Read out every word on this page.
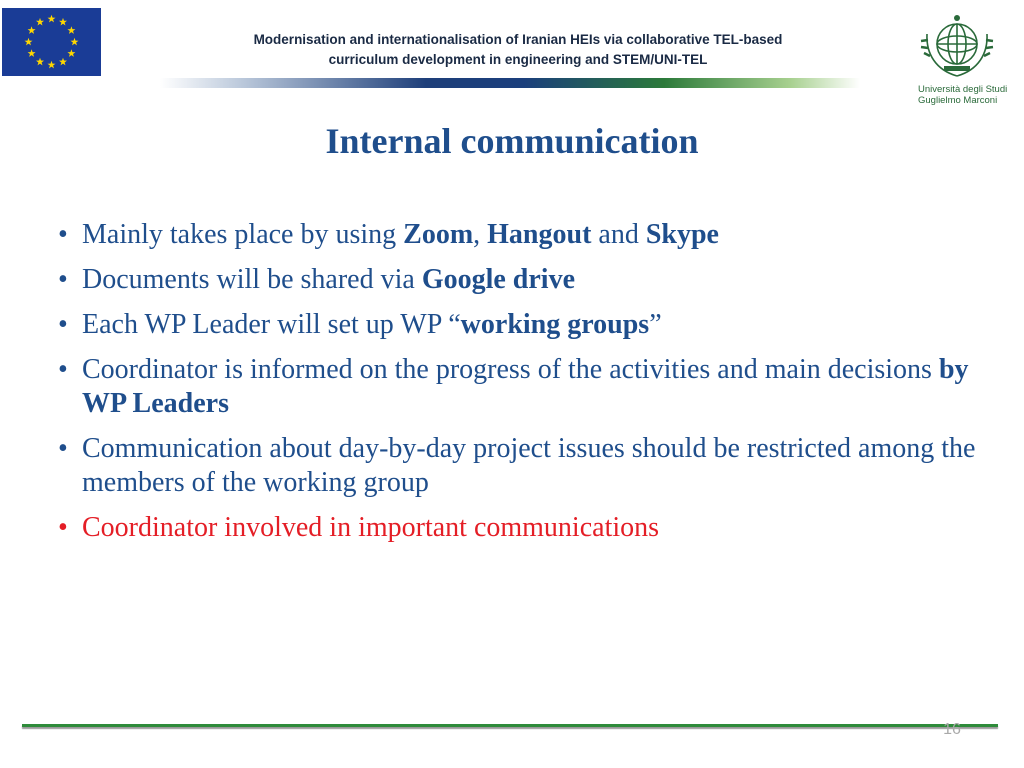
Modernisation and internationalisation of Iranian HEIs via collaborative TEL-based
curriculum development in engineering and STEM/UNI-TEL
Università degli Studi
Guglielmo Marconi
Internal communication
• Mainly takes place by using Zoom, Hangout and Skype
• Documents will be shared via Google drive
• Each WP Leader will set up WP “working groups”
• Coordinator is informed on the progress of the activities and main decisions by WP Leaders
• Communication about day-by-day project issues should be restricted among the members of the working group
• Coordinator involved in important communications
16
